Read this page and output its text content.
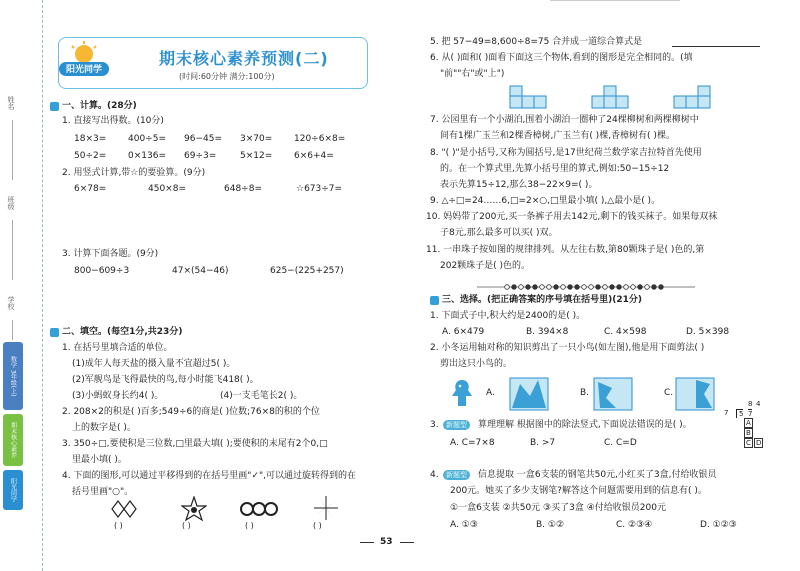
姓名
班级
学校
数学 3年级(上)
期末核心素养
阳光同学
阳光同学
期末核心素养预测(二)
(时间:60分钟 满分:100分)
一、计算。(28分)
1. 直接写出得数。(10分)
18×3= 400÷5= 96−45= 3×70= 120÷6×8=
50÷2= 0×136= 69÷3=	5×12= 6×6+4=
2. 用竖式计算,带☆的要验算。(9分)
6×78=	450×8=	648÷8=	☆673÷7=
3. 计算下面各题。(9分)
800−609÷3	47×(54−46)	625−(225+257)
二、填空。(每空1分,共23分)
1. 在括号里填合适的单位。
(1)成年人每天盐的摄入量不宜超过5( )。
(2)军舰鸟是飞得最快的鸟,每小时能飞418( )。
(3)小蚂蚁身长约4( )。	(4)一支毛笔长2( )。
2. 208×2的积是( )百多;549÷6的商是( )位数;76×8的积的个位
上的数字是( )。
3. 350÷□,要使积是三位数,□里最大填( );要使积的末尾有2个0,□
里最小填( )。
4. 下面的图形,可以通过平移得到的在括号里画"✓",可以通过旋转得到的在
括号里画"○"。
( )	( )	( )	( )
5. 把 57−49=8,600÷8=75 合并成一道综合算式是
6. 从( )面和( )面看下面这三个物体,看到的图形是完全相同的。(填
"前""右"或"上")
7. 公园里有一个小湖泊,围着小湖泊一圈种了24棵柳树和两棵柳树中
间有1棵广玉兰和2棵香樟树,广玉兰有( )棵,香樟树有( )棵。
8. "( )"是小括号,又称为圆括号,是17世纪荷兰数学家吉拉特首先使用
的。在一个算式里,先算小括号里的算式,例如:50−15÷12
表示先算15÷12,那么38−22×9=( )。
9. △÷□=24……6,□=2×○,□里最小填( ),△最小是( )。
10. 妈妈带了200元,买一条裤子用去142元,剩下的钱买袜子。如果每双袜
子8元,那么最多可以买( )双。
11. 一串珠子按如图的规律排列。从左往右数,第80颗珠子是( )色的,第
202颗珠子是( )色的。
三、选择。(把正确答案的序号填在括号里)(21分)
1. 下面式子中,积大约是2400的是( )。
A. 6×479	B. 394×8	C. 4×598	D. 5×398
2. 小冬运用轴对称的知识剪出了一只小鸟(如左图),他是用下面剪法( )
剪出这只小鸟的。
A.	B.	C.
3.	新题型	算理理解 根据图中的除法竖式,下面说法错误的是( )。
A. C=7×8	B. >7	C. C=D
8 4
7	5 7
A
B
C D
4.	新题型	信息提取 一盒6支装的钢笔共50元,小红买了3盒,付给收银员
200元。她买了多少支钢笔?解答这个问题需要用到的信息有( )。
①一盒6支装 ②共50元 ③买了3盒 ④付给收银员200元
A. ①③	B. ①②	C. ②③④	D. ①②③
53
